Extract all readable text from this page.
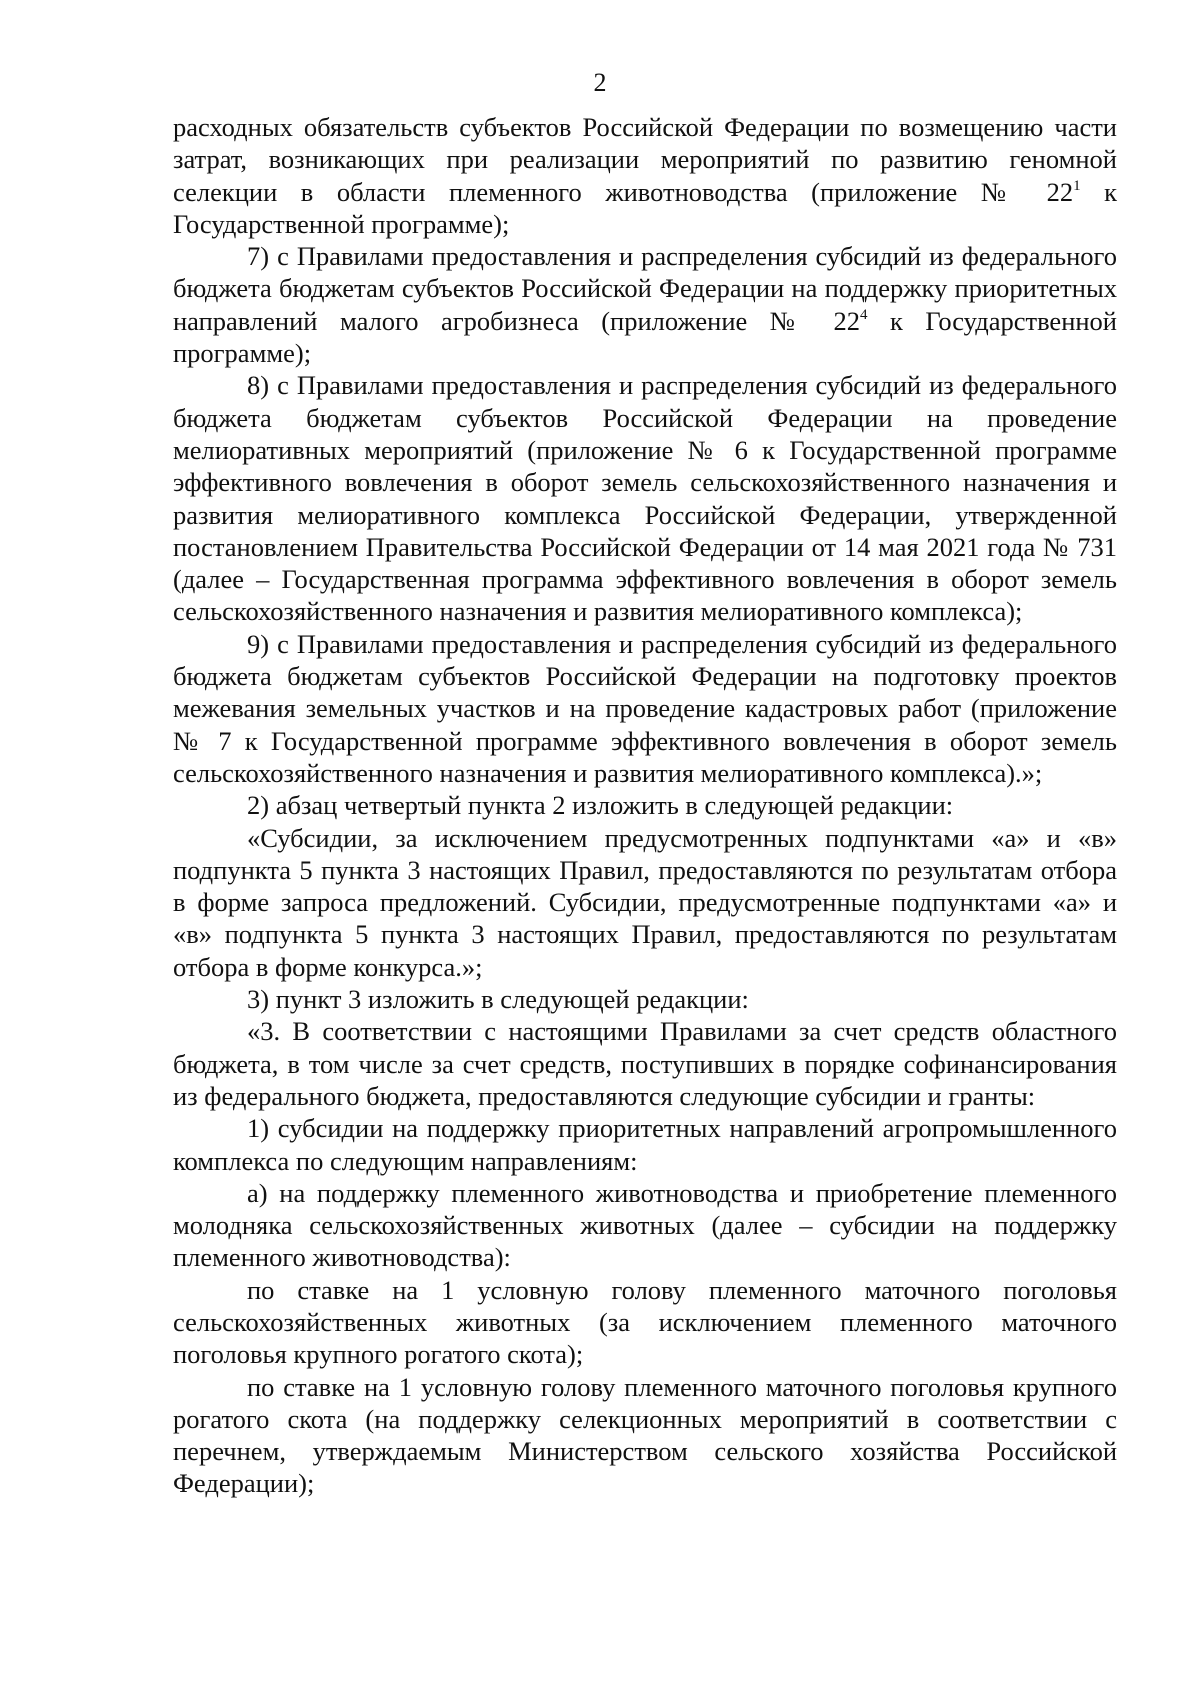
2

расходных обязательств субъектов Российской Федерации по возмещению части затрат, возникающих при реализации мероприятий по развитию геномной селекции в области племенного животноводства (приложение № $22^1$ к Государственной программе);

7) с Правилами предоставления и распределения субсидий из федерального бюджета бюджетам субъектов Российской Федерации на поддержку приоритетных направлений малого агробизнеса (приложение № $22^4$ к Государственной программе);

8) с Правилами предоставления и распределения субсидий из федерального бюджета бюджетам субъектов Российской Федерации на проведение мелиоративных мероприятий (приложение № 6 к Государственной программе эффективного вовлечения в оборот земель сельскохозяйственного назначения и развития мелиоративного комплекса Российской Федерации, утвержденной постановлением Правительства Российской Федерации от 14 мая 2021 года № 731 (далее – Государственная программа эффективного вовлечения в оборот земель сельскохозяйственного назначения и развития мелиоративного комплекса);

9) с Правилами предоставления и распределения субсидий из федерального бюджета бюджетам субъектов Российской Федерации на подготовку проектов межевания земельных участков и на проведение кадастровых работ (приложение № 7 к Государственной программе эффективного вовлечения в оборот земель сельскохозяйственного назначения и развития мелиоративного комплекса).»;

2) абзац четвертый пункта 2 изложить в следующей редакции:

«Субсидии, за исключением предусмотренных подпунктами «а» и «в» подпункта 5 пункта 3 настоящих Правил, предоставляются по результатам отбора в форме запроса предложений. Субсидии, предусмотренные подпунктами «а» и «в» подпункта 5 пункта 3 настоящих Правил, предоставляются по результатам отбора в форме конкурса.»;

3) пункт 3 изложить в следующей редакции:

«3. В соответствии с настоящими Правилами за счет средств областного бюджета, в том числе за счет средств, поступивших в порядке софинансирования из федерального бюджета, предоставляются следующие субсидии и гранты:

1) субсидии на поддержку приоритетных направлений агропромышленного комплекса по следующим направлениям:

а) на поддержку племенного животноводства и приобретение племенного молодняка сельскохозяйственных животных (далее – субсидии на поддержку племенного животноводства):

по ставке на 1 условную голову племенного маточного поголовья сельскохозяйственных животных (за исключением племенного маточного поголовья крупного рогатого скота);

по ставке на 1 условную голову племенного маточного поголовья крупного рогатого скота (на поддержку селекционных мероприятий в соответствии с перечнем, утверждаемым Министерством сельского хозяйства Российской Федерации);
